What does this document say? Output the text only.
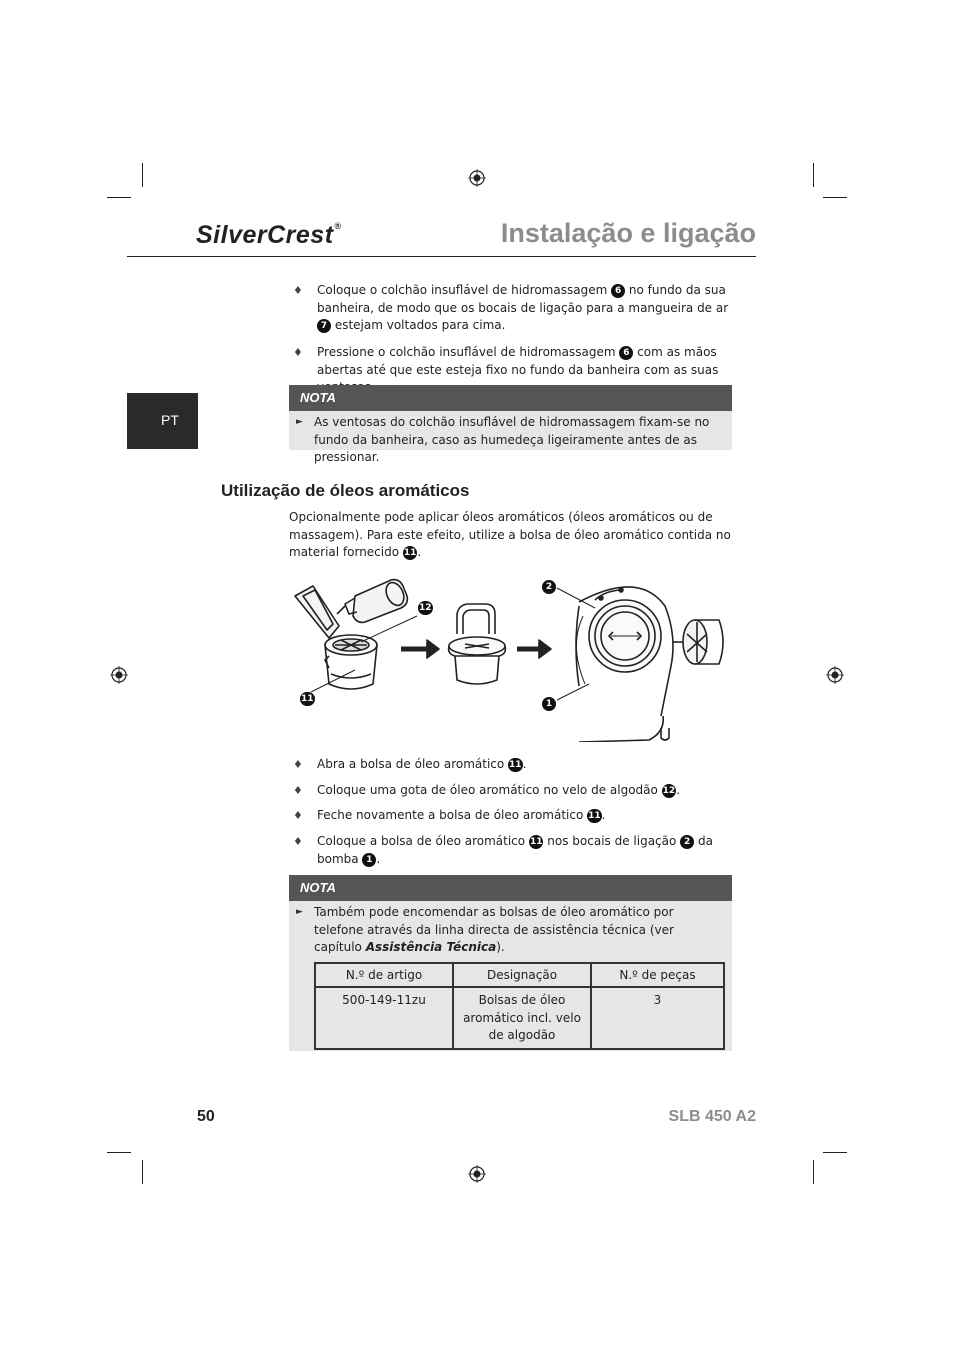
SilverCrest®	Instalação e ligação
PT
♦ Coloque o colchão insuflável de hidromassagem 6 no fundo da sua banheira, de modo que os bocais de ligação para a mangueira de ar 7 estejam voltados para cima.
♦ Pressione o colchão insuflável de hidromassagem 6 com as mãos abertas até que este esteja fixo no fundo da banheira com as suas
NOTA
► As ventosas do colchão insuflável de hidromassagem fixam-se no fundo da banheira, caso as humedeça ligeiramente antes de as pressionar.
Utilização de óleos aromáticos
Opcionalmente pode aplicar óleos aromáticos (óleos aromáticos ou de massagem). Para este efeito, utilize a bolsa de óleo aromático contida no material fornecido 11.
12
11
2
1
♦ Abra a bolsa de óleo aromático 11.
♦ Coloque uma gota de óleo aromático no velo de algodão 12.
♦ Feche novamente a bolsa de óleo aromático 11.
♦ Coloque a bolsa de óleo aromático 11 nos bocais de ligação 2 da bomba 1 .
NOTA
► Também pode encomendar as bolsas de óleo aromático por telefone através da linha directa de assistência técnica (ver capítulo Assistência Técnica).
N.º de artigo	Designação	N.º de peças
500-149-11zu	Bolsas de óleo aromático incl. velo de algodão	3
50	SLB 450 A2
